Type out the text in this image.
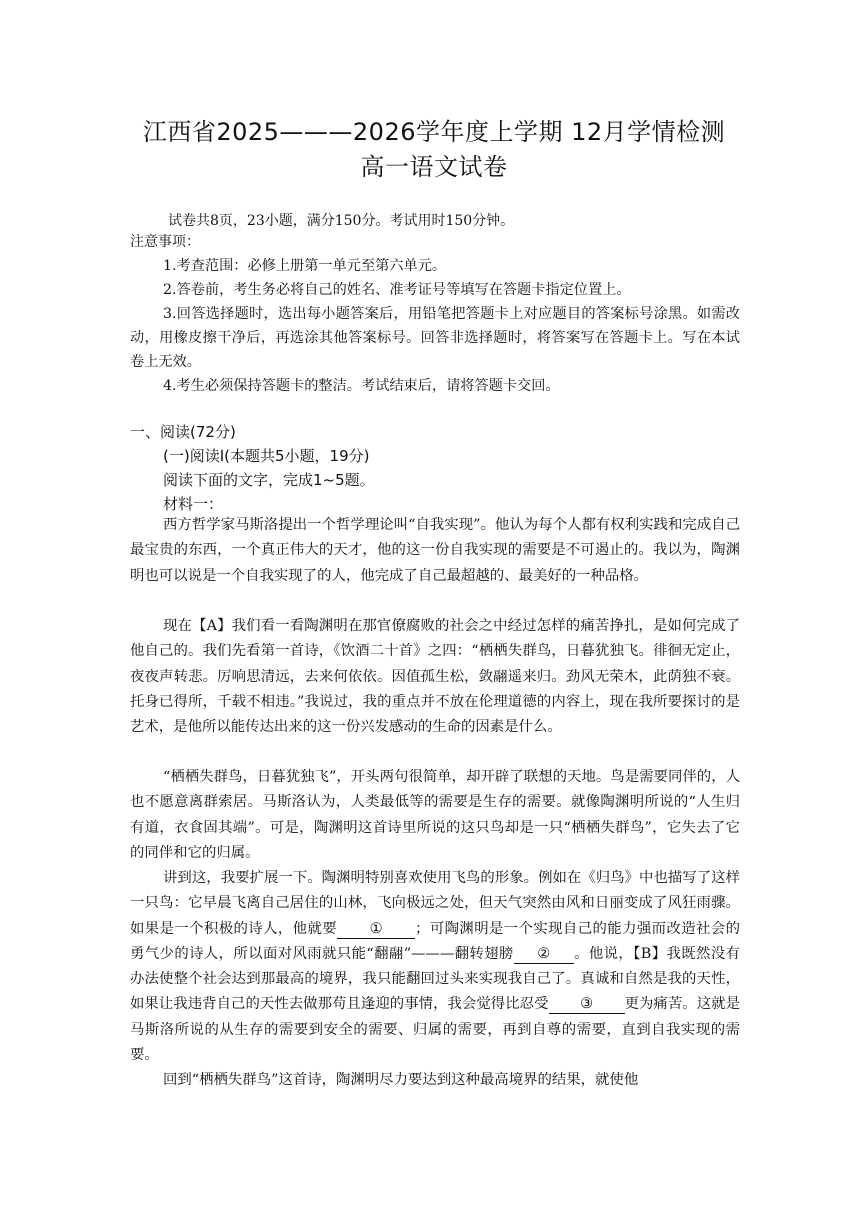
江西省2025———2026学年度上学期 12月学情检测
高一语文试卷
试卷共8页，23小题，满分150分。考试用时150分钟。
注意事项：
1.考查范围：必修上册第一单元至第六单元。
2.答卷前，考生务必将自己的姓名、准考证号等填写在答题卡指定位置上。
3.回答选择题时，选出每小题答案后，用铅笔把答题卡上对应题目的答案标号涂黑。如需改动，用橡皮擦干净后，再选涂其他答案标号。回答非选择题时，将答案写在答题卡上。写在本试卷上无效。
4.考生必须保持答题卡的整洁。考试结束后，请将答题卡交回。
一、阅读(72分)
(一)阅读Ⅰ(本题共5小题，19分)
阅读下面的文字，完成1~5题。
材料一：
西方哲学家马斯洛提出一个哲学理论叫“自我实现”。他认为每个人都有权利实践和完成自己最宝贵的东西，一个真正伟大的天才，他的这一份自我实现的需要是不可遏止的。我以为，陶渊明也可以说是一个自我实现了的人，他完成了自己最超越的、最美好的一种品格。
现在【A】我们看一看陶渊明在那官僚腐败的社会之中经过怎样的痛苦挣扎，是如何完成了他自己的。我们先看第一首诗，《饮酒二十首》之四：“栖栖失群鸟，日暮犹独飞。徘徊无定止，夜夜声转悲。厉响思清远，去来何依依。因值孤生松，敛翮遥来归。劲风无荣木，此荫独不衰。托身已得所，千载不相违。”我说过，我的重点并不放在伦理道德的内容上，现在我所要探讨的是艺术，是他所以能传达出来的这一份兴发感动的生命的因素是什么。
“栖栖失群鸟，日暮犹独飞”，开头两句很简单，却开辟了联想的天地。鸟是需要同伴的，人也不愿意离群索居。马斯洛认为，人类最低等的需要是生存的需要。就像陶渊明所说的“人生归有道，衣食固其端”。可是，陶渊明这首诗里所说的这只鸟却是一只“栖栖失群鸟”，它失去了它的同伴和它的归属。
讲到这，我要扩展一下。陶渊明特别喜欢使用飞鸟的形象。例如在《归鸟》中也描写了这样一只鸟：它早晨飞离自己居住的山林，飞向极远之处，但天气突然由风和日丽变成了风狂雨骤。如果是一个积极的诗人，他就要 ① ；可陶渊明是一个实现自己的能力强而改造社会的勇气少的诗人，所以面对风雨就只能“翻翮”———翻转翅膀 ② 。他说，【B】我既然没有办法使整个社会达到那最高的境界，我只能翻回过头来实现我自己了。真诚和自然是我的天性，如果让我违背自己的天性去做那苟且逢迎的事情，我会觉得比忍受 ③ 更为痛苦。这就是马斯洛所说的从生存的需要到安全的需要、归属的需要，再到自尊的需要，直到自我实现的需要。
回到“栖栖失群鸟”这首诗，陶渊明尽力要达到这种最高境界的结果，就使他
